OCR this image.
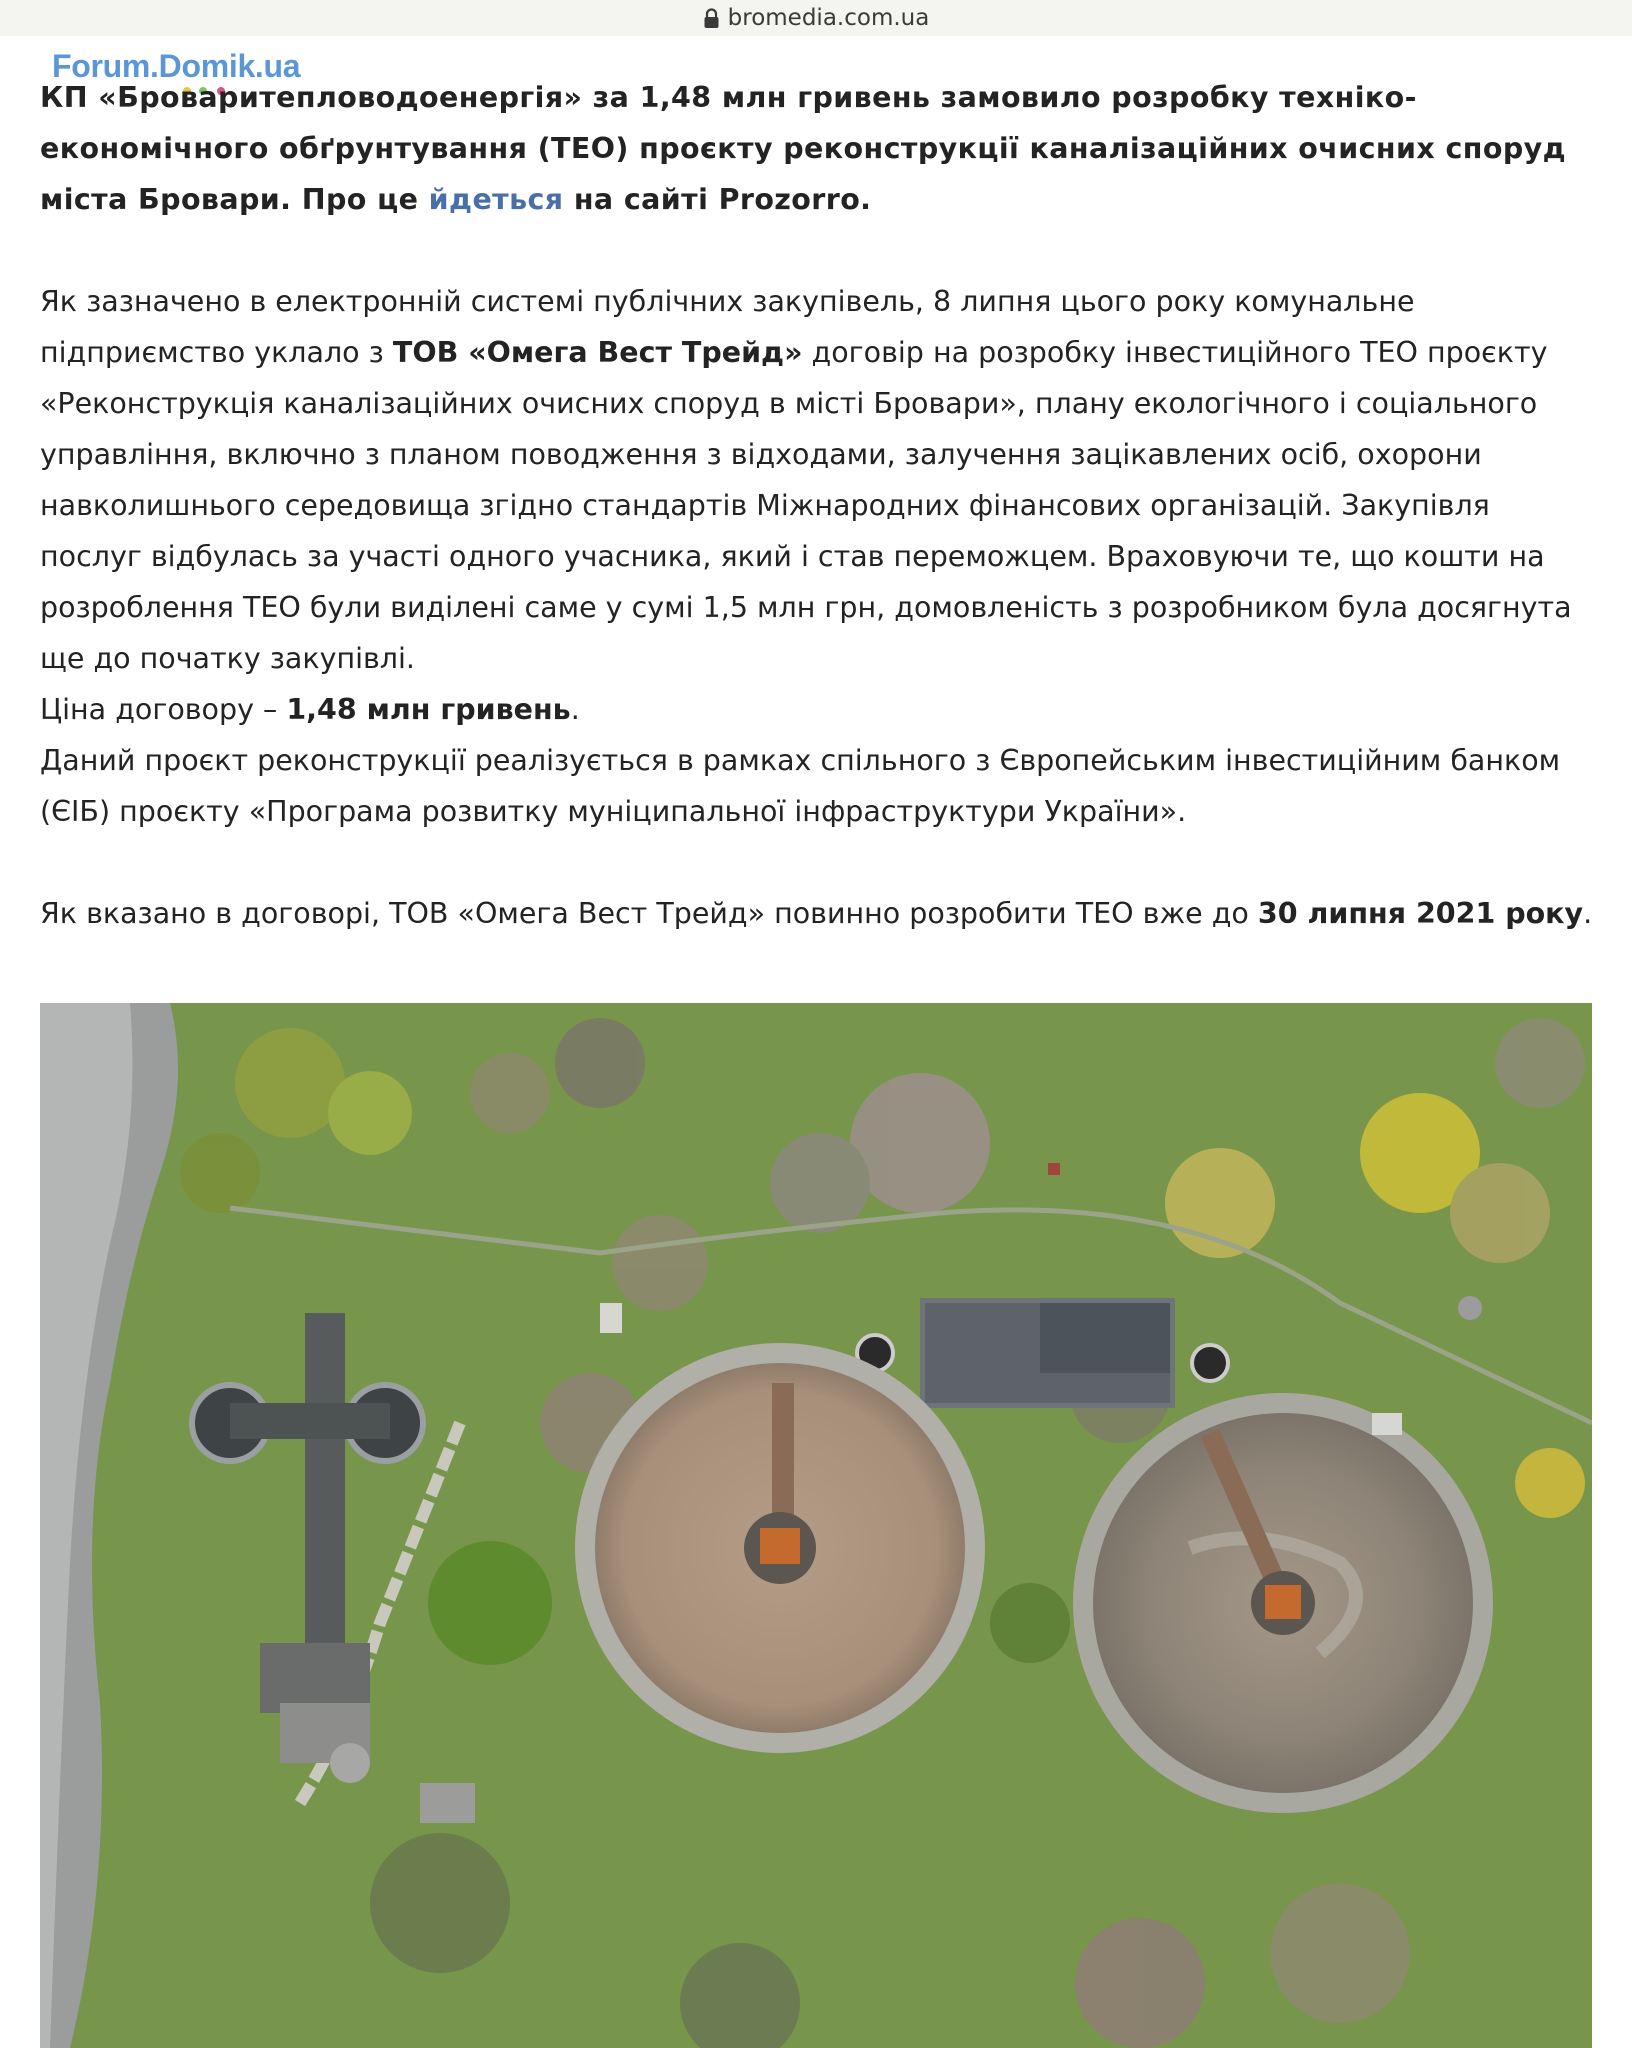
bromedia.com.ua
Forum.Domik.ua

КП «Броваритепловодоенергія» за 1,48 млн гривень замовило розробку техніко-економічного обґрунтування (ТЕО) проєкту реконструкції каналізаційних очисних споруд міста Бровари. Про це йдеться на сайті Prozorro.

Як зазначено в електронній системі публічних закупівель, 8 липня цього року комунальне підприємство уклало з ТОВ «Омега Вест Трейд» договір на розробку інвестиційного ТЕО проєкту «Реконструкція каналізаційних очисних споруд в місті Бровари», плану екологічного і соціального управління, включно з планом поводження з відходами, залучення зацікавлених осіб, охорони навколишнього середовища згідно стандартів Міжнародних фінансових організацій. Закупівля послуг відбулась за участі одного учасника, який і став переможцем. Враховуючи те, що кошти на розроблення ТЕО були виділені саме у сумі 1,5 млн грн, домовленість з розробником була досягнута ще до початку закупівлі.

Ціна договору – 1,48 млн гривень.

Даний проєкт реконструкції реалізується в рамках спільного з Європейським інвестиційним банком (ЄІБ) проєкту «Програма розвитку муніципальної інфраструктури України».

Як вказано в договорі, ТОВ «Омега Вест Трейд» повинно розробити ТЕО вже до 30 липня 2021 року.
